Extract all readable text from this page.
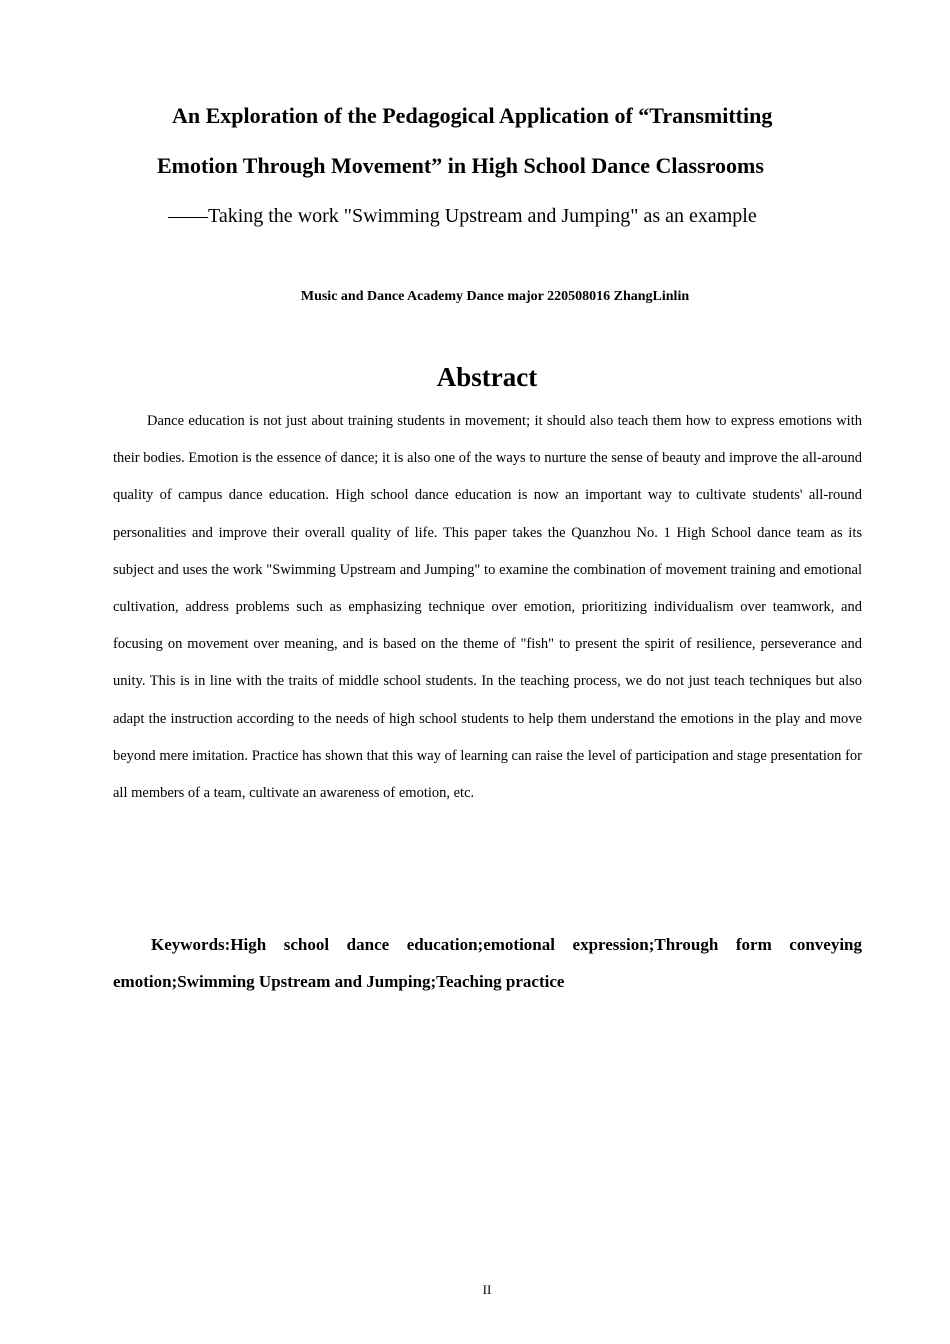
An Exploration of the Pedagogical Application of “Transmitting
Emotion Through Movement” in High School Dance Classrooms
——Taking the work "Swimming Upstream and Jumping" as an example
Music and Dance Academy Dance major 220508016 ZhangLinlin
Abstract

Dance education is not just about training students in movement; it should also teach them how to express emotions with their bodies. Emotion is the essence of dance; it is also one of the ways to nurture the sense of beauty and improve the all-around quality of campus dance education. High school dance education is now an important way to cultivate students' all-round personalities and improve their overall quality of life. This paper takes the Quanzhou No. 1 High School dance team as its subject and uses the work "Swimming Upstream and Jumping" to examine the combination of movement training and emotional cultivation, address problems such as emphasizing technique over emotion, prioritizing individualism over teamwork, and focusing on movement over meaning, and is based on the theme of "fish" to present the spirit of resilience, perseverance and unity. This is in line with the traits of middle school students. In the teaching process, we do not just teach techniques but also adapt the instruction according to the needs of high school students to help them understand the emotions in the play and move beyond mere imitation. Practice has shown that this way of learning can raise the level of participation and stage presentation for all members of a team, cultivate an awareness of emotion, etc.

Keywords:High school dance education;emotional expression;Through form conveying emotion;Swimming Upstream and Jumping;Teaching practice

II
